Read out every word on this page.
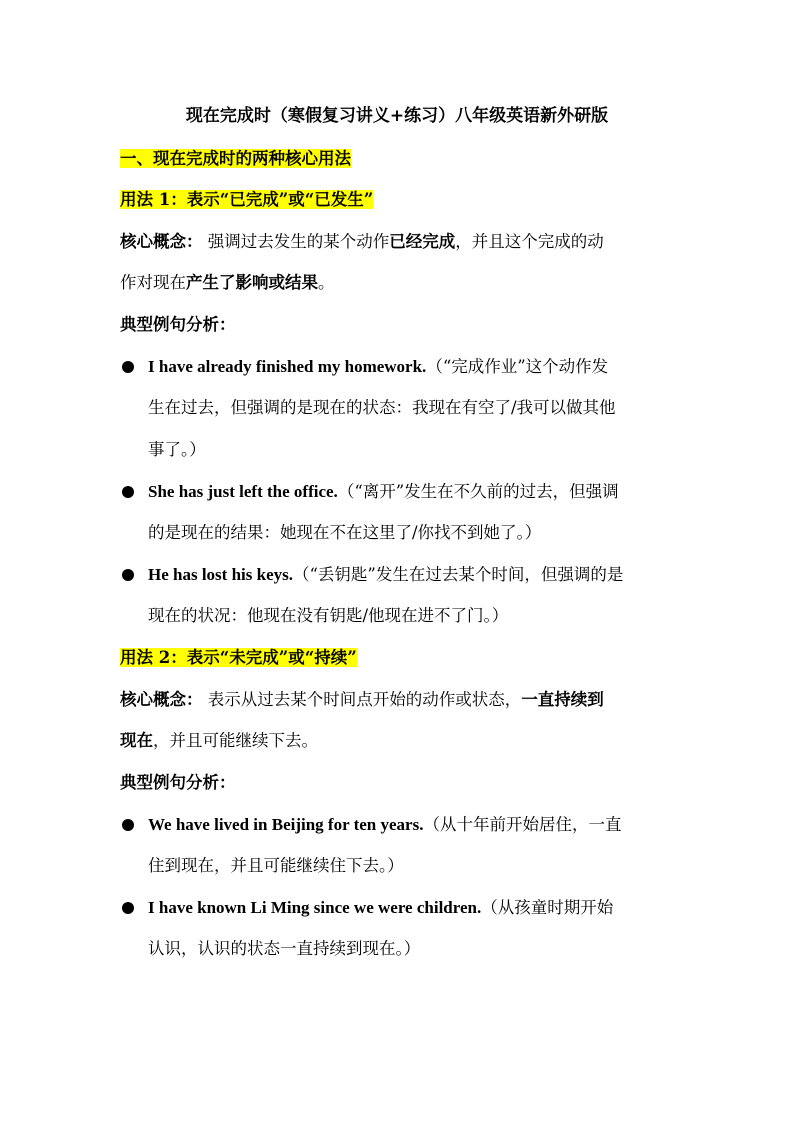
现在完成时（寒假复习讲义+练习）八年级英语新外研版
一、现在完成时的两种核心用法
用法 1：表示“已完成”或“已发生”
核心概念： 强调过去发生的某个动作已经完成，并且这个完成的动
作对现在产生了影响或结果。
典型例句分析：
I have already finished my homework.（“完成作业”这个动作发
生在过去，但强调的是现在的状态：我现在有空了/我可以做其他
事了。）
She has just left the office.（“离开”发生在不久前的过去，但强调
的是现在的结果：她现在不在这里了/你找不到她了。）
He has lost his keys.（“丢钥匙”发生在过去某个时间，但强调的是
现在的状况：他现在没有钥匙/他现在进不了门。）
用法 2：表示“未完成”或“持续”
核心概念： 表示从过去某个时间点开始的动作或状态，一直持续到
现在，并且可能继续下去。
典型例句分析：
We have lived in Beijing for ten years.（从十年前开始居住，一直
住到现在，并且可能继续住下去。）
I have known Li Ming since we were children.（从孩童时期开始
认识，认识的状态一直持续到现在。）
